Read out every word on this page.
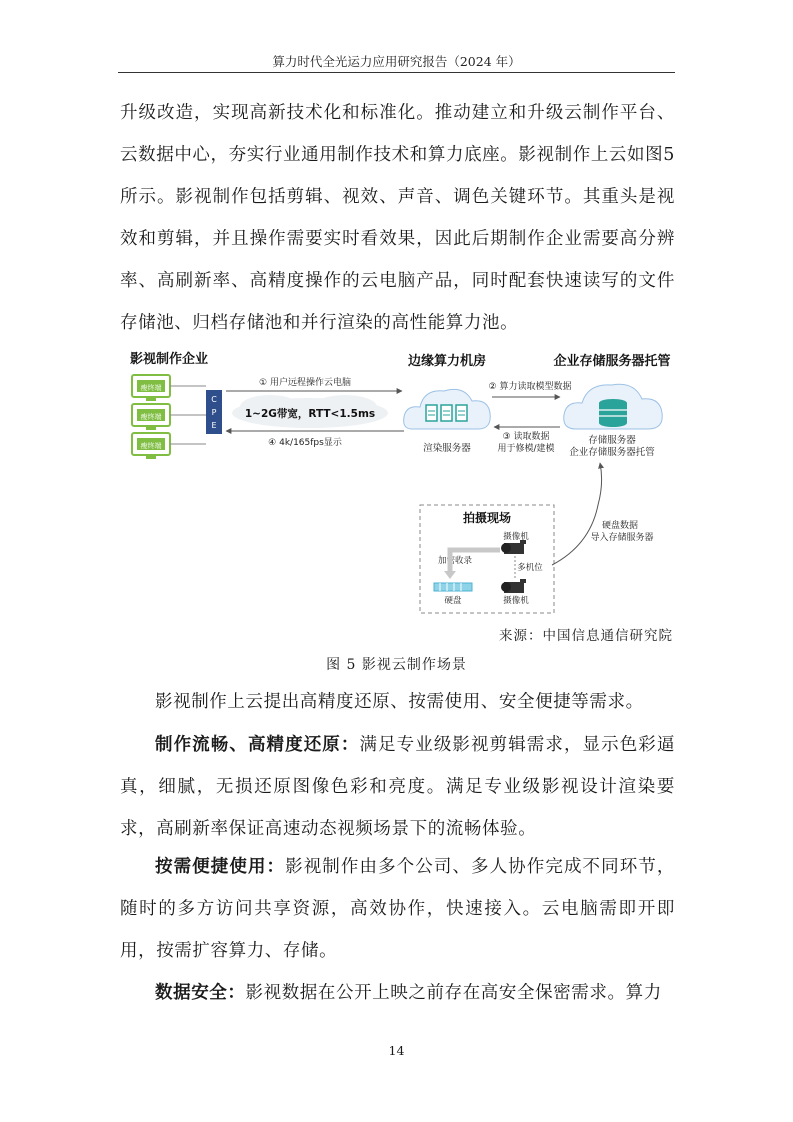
算力时代全光运力应用研究报告（2024 年）

升级改造，实现高新技术化和标准化。推动建立和升级云制作平台、云数据中心，夯实行业通用制作技术和算力底座。影视制作上云如图5 所示。影视制作包括剪辑、视效、声音、调色关键环节。其重头是视效和剪辑，并且操作需要实时看效果，因此后期制作企业需要高分辨率、高刷新率、高精度操作的云电脑产品，同时配套快速读写的文件存储池、归档存储池和并行渲染的高性能算力池。

影视制作企业
瘦终端
瘦终端
瘦终端
C
P
E
① 用户远程操作云电脑
1~2G带宽，RTT<1.5ms
④ 4k/165fps显示
边缘算力机房
渲染服务器
企业存储服务器托管
② 算力读取模型数据
③ 读取数据
用于修模/建模
存储服务器
企业存储服务器托管
拍摄现场
摄像机
多机位
摄像机
加密收录
硬盘
硬盘数据
导入存储服务器
来源：中国信息通信研究院
图 5 影视云制作场景

影视制作上云提出高精度还原、按需使用、安全便捷等需求。

制作流畅、高精度还原：满足专业级影视剪辑需求，显示色彩逼真，细腻，无损还原图像色彩和亮度。满足专业级影视设计渲染要求，高刷新率保证高速动态视频场景下的流畅体验。

按需便捷使用：影视制作由多个公司、多人协作完成不同环节，随时的多方访问共享资源，高效协作，快速接入。云电脑需即开即用，按需扩容算力、存储。

数据安全：影视数据在公开上映之前存在高安全保密需求。算力

14
